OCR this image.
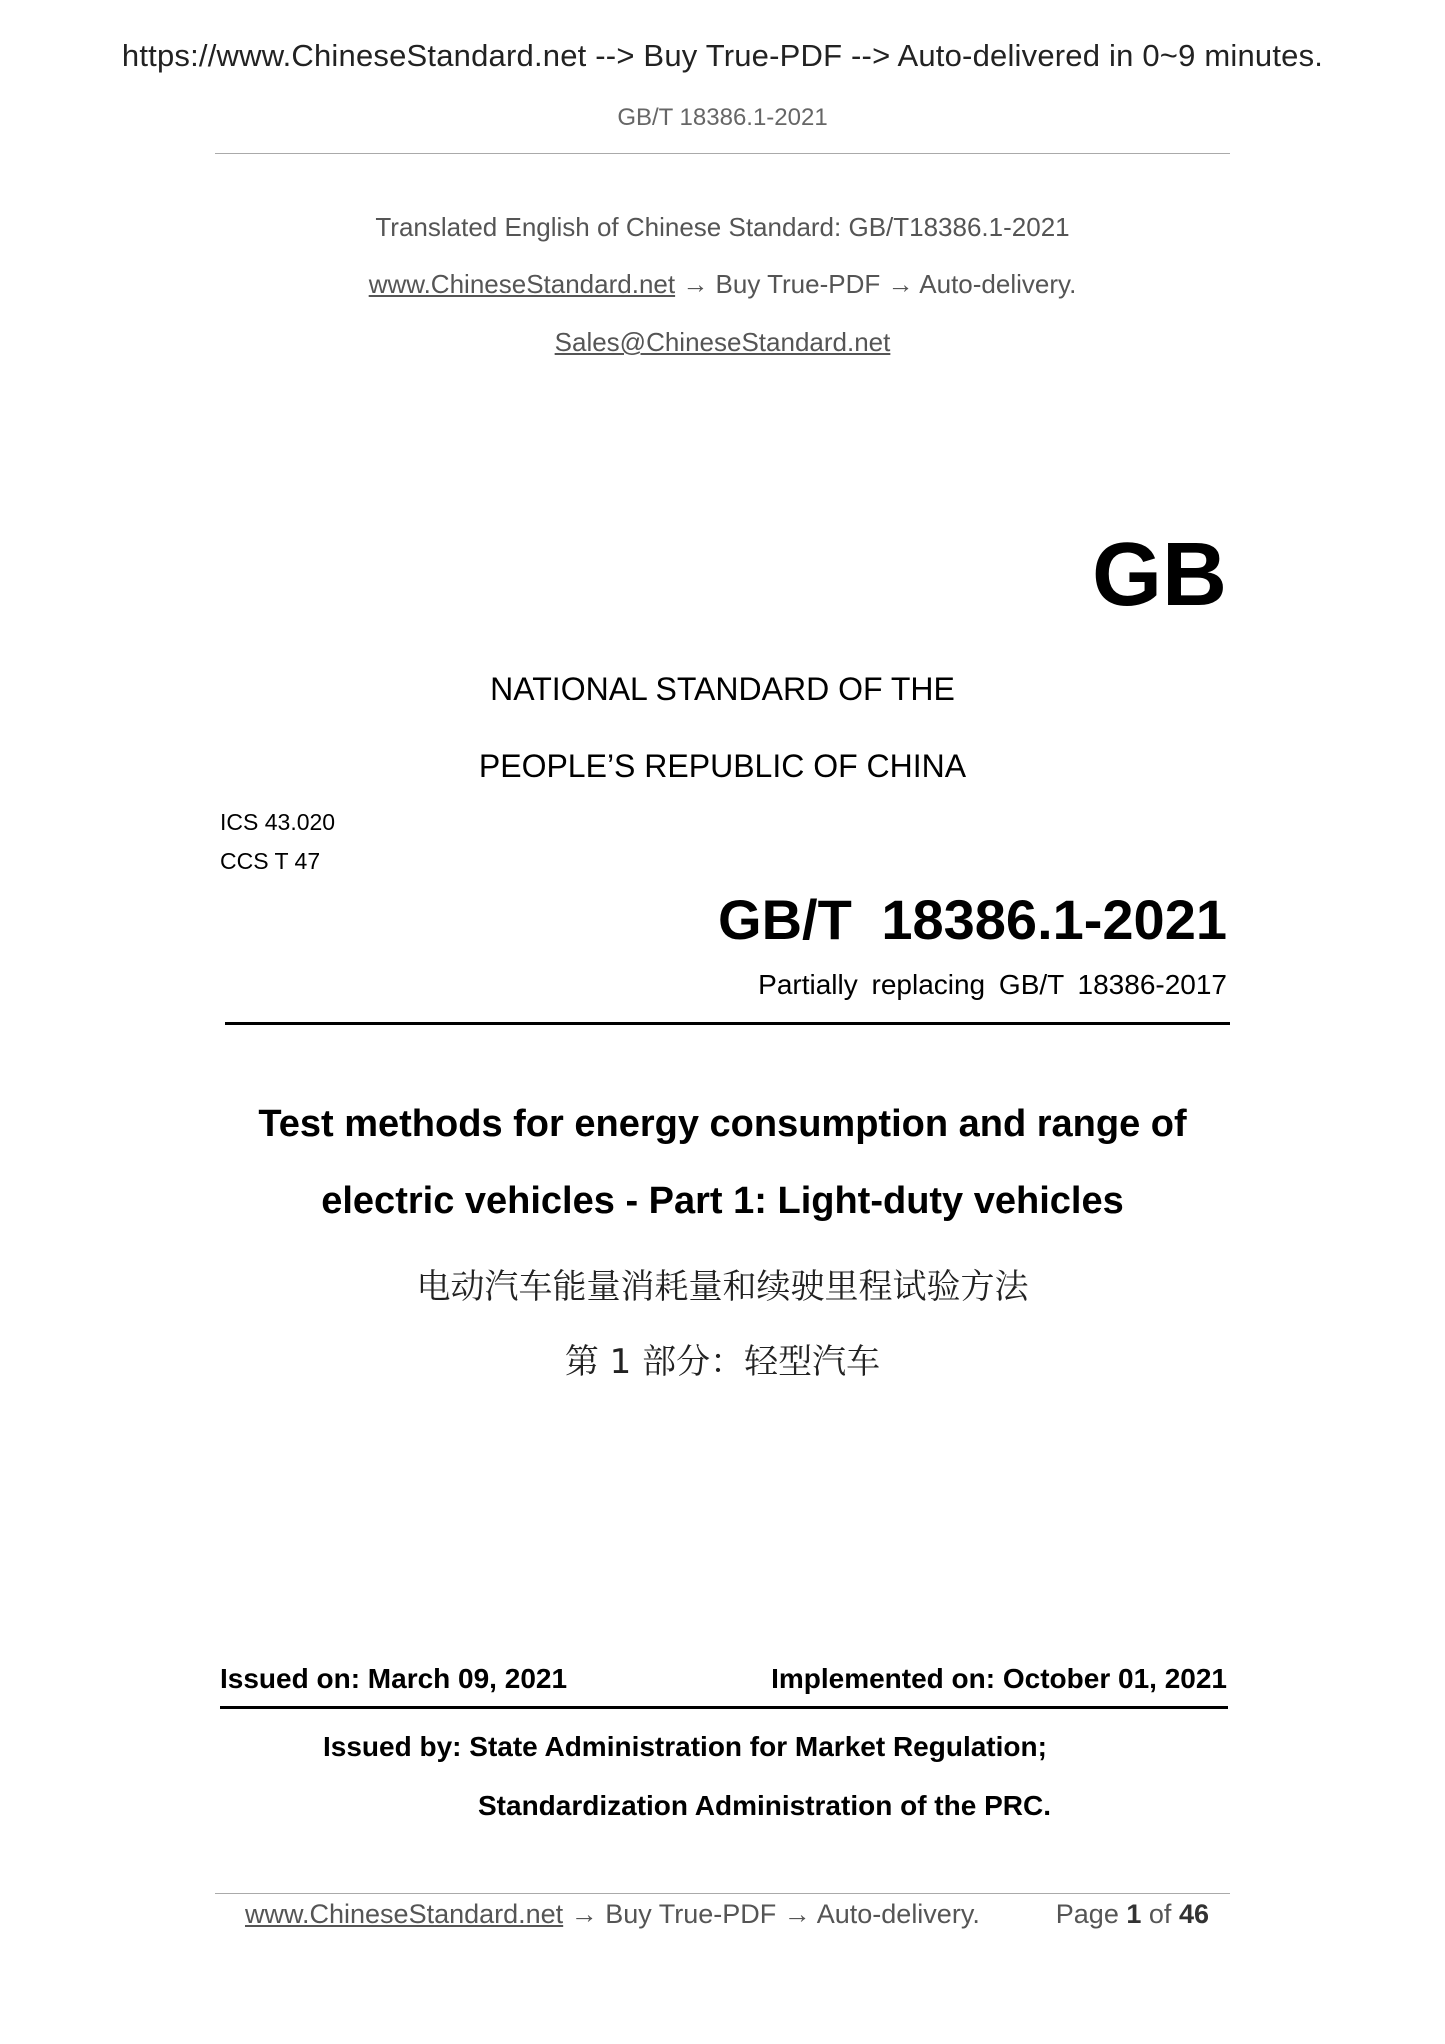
https://www.ChineseStandard.net --> Buy True-PDF --> Auto-delivered in 0~9 minutes.
GB/T 18386.1-2021
Translated English of Chinese Standard: GB/T18386.1-2021
www.ChineseStandard.net → Buy True-PDF → Auto-delivery.
Sales@ChineseStandard.net
GB
NATIONAL STANDARD OF THE
PEOPLE’S REPUBLIC OF CHINA
ICS 43.020
CCS T 47
GB/T 18386.1-2021
Partially replacing GB/T 18386-2017
Test methods for energy consumption and range of
electric vehicles - Part 1: Light-duty vehicles
电动汽车能量消耗量和续驶里程试验方法
第 1 部分：轻型汽车
Issued on: March 09, 2021	Implemented on: October 01, 2021
Issued by: State Administration for Market Regulation;
Standardization Administration of the PRC.
www.ChineseStandard.net → Buy True-PDF → Auto-delivery.	Page 1 of 46
